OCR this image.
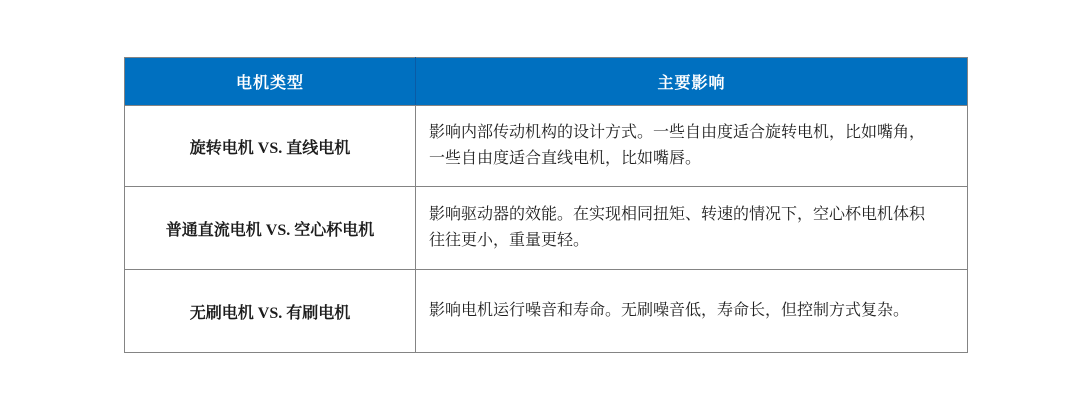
电机类型	主要影响
旋转电机 VS. 直线电机	影响内部传动机构的设计方式。一些自由度适合旋转电机，比如嘴角，一些自由度适合直线电机，比如嘴唇。
普通直流电机 VS. 空心杯电机	影响驱动器的效能。在实现相同扭矩、转速的情况下，空心杯电机体积往往更小，重量更轻。
无刷电机 VS. 有刷电机	影响电机运行噪音和寿命。无刷噪音低，寿命长，但控制方式复杂。
